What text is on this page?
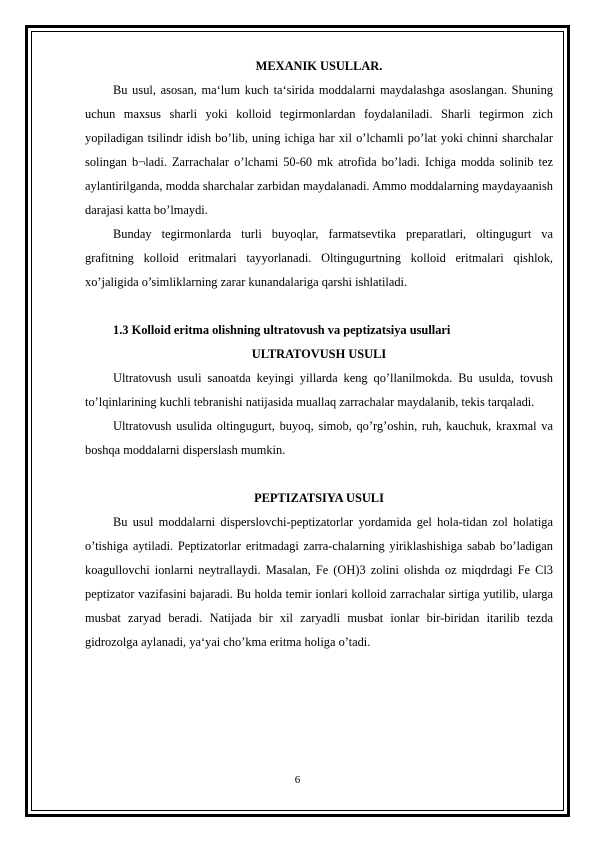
MEXANIK USULLAR.

Bu usul, asosan, ma‘lum kuch ta‘sirida moddalarni maydalashga asoslangan. Shuning uchun maxsus sharli yoki kolloid tegirmonlardan foydalaniladi. Sharli tegirmon zich yopiladigan tsilindr idish bo’lib, uning ichiga har xil o’lchamli po’lat yoki chinni sharchalar solingan b¬ladi. Zarrachalar o’lchami 50-60 mk atrofida bo’ladi. Ichiga modda solinib tez aylantirilganda, modda sharchalar zarbidan maydalanadi. Ammo moddalarning maydayaanish darajasi katta bo’lmaydi.

Bunday tegirmonlarda turli buyoqlar, farmatsevtika preparatlari, oltingugurt va grafitning kolloid eritmalari tayyorlanadi. Oltingugurtning kolloid eritmalari qishlok, xo’jaligida o’simliklarning zarar kunandalariga qarshi ishlatiladi.

1.3 Kolloid eritma olishning ultratovush va peptizatsiya usullari
ULTRATOVUSH USULI

Ultratovush usuli sanoatda keyingi yillarda keng qo’llanilmokda. Bu usulda, tovush to’lqinlarining kuchli tebranishi natijasida muallaq zarrachalar maydalanib, tekis tarqaladi.

Ultratovush usulida oltingugurt, buyoq, simob, qo’rg’oshin, ruh, kauchuk, kraxmal va boshqa moddalarni disperslash mumkin.

PEPTIZATSIYA USULI

Bu usul moddalarni disperslovchi-peptizatorlar yordamida gel hola-tidan zol holatiga o’tishiga aytiladi. Peptizatorlar eritmadagi zarra-chalarning yiriklashishiga sabab bo’ladigan koagullovchi ionlarni neytrallaydi. Masalan, Fe (OH)3 zolini olishda oz miqdrdagi Fe Cl3 peptizator vazifasini bajaradi. Bu holda temir ionlari kolloid zarrachalar sirtiga yutilib, ularga musbat zaryad beradi. Natijada bir xil zaryadli musbat ionlar bir-biridan itarilib tezda gidrozolga aylanadi, ya‘yai cho’kma eritma holiga o’tadi.

6
